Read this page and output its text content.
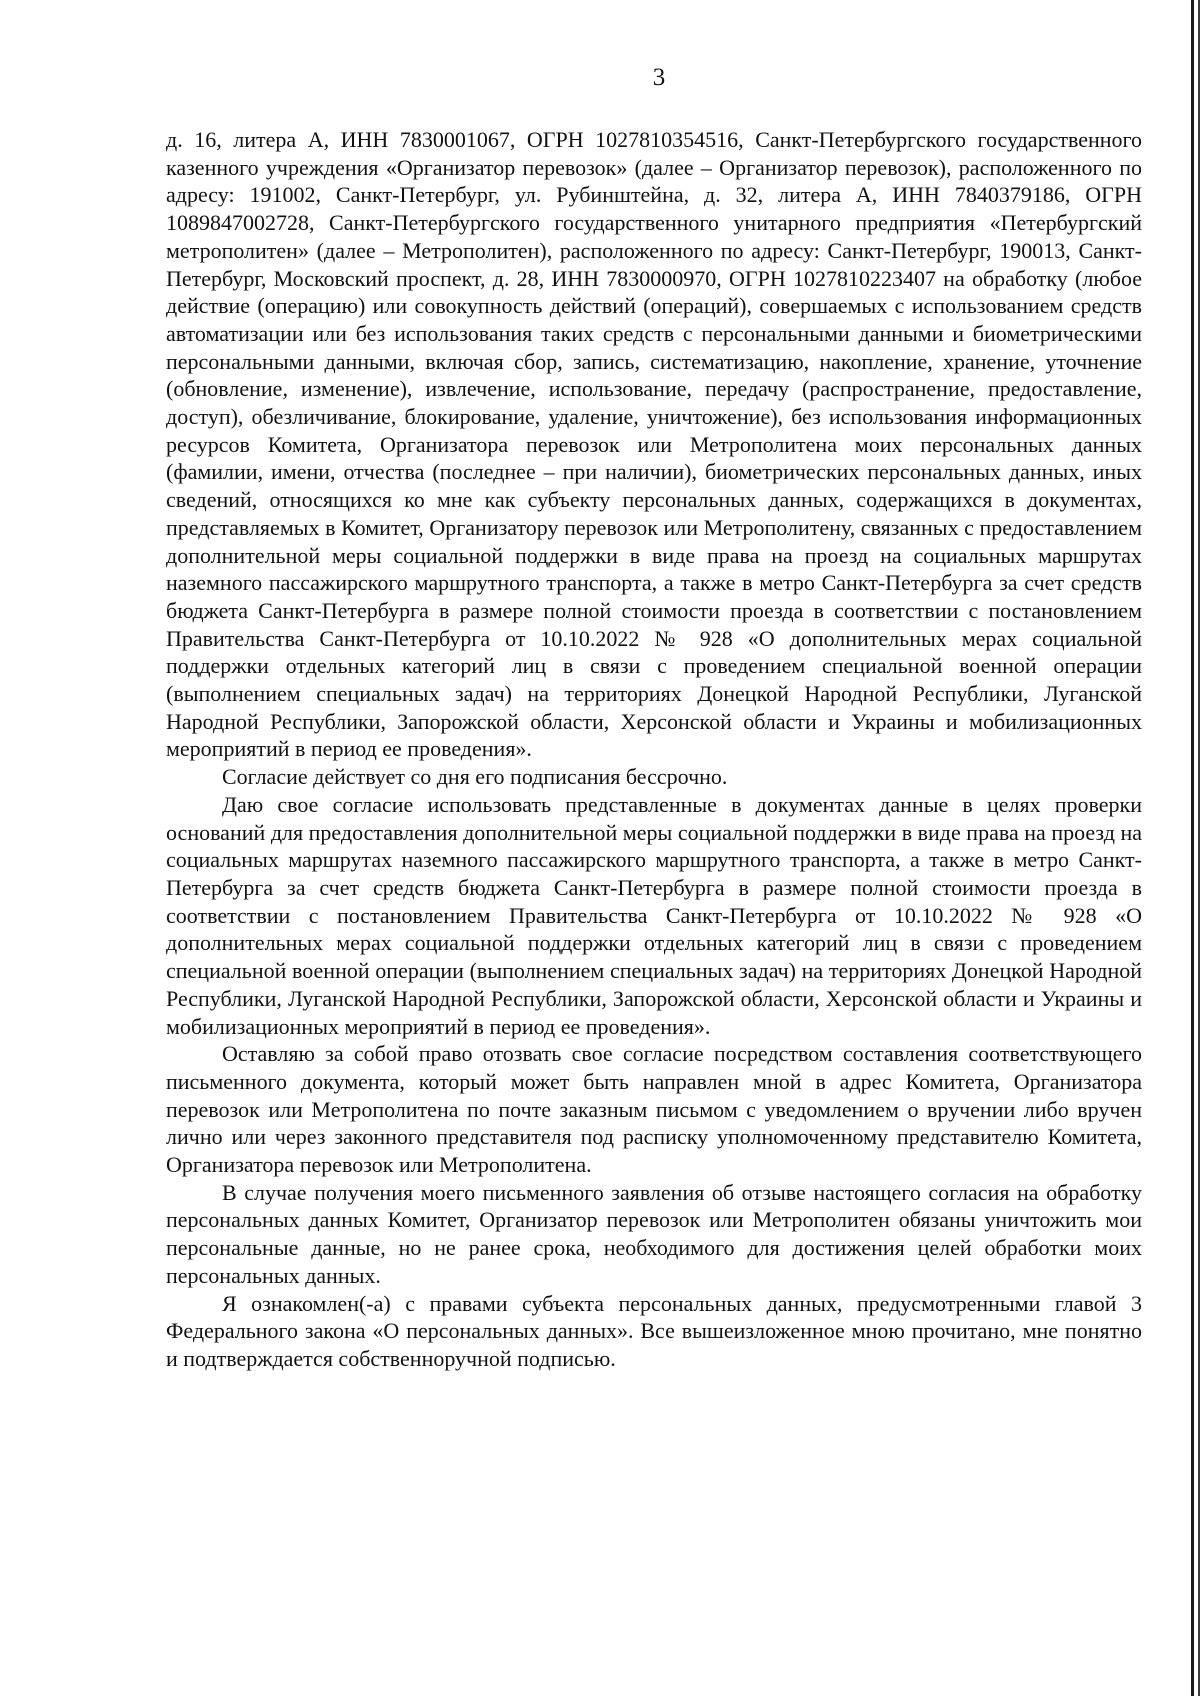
3

д. 16, литера А, ИНН 7830001067, ОГРН 1027810354516, Санкт-Петербургского государственного казенного учреждения «Организатор перевозок» (далее – Организатор перевозок), расположенного по адресу: 191002, Санкт-Петербург, ул. Рубинштейна, д. 32, литера А, ИНН 7840379186, ОГРН 1089847002728, Санкт-Петербургского государственного унитарного предприятия «Петербургский метрополитен» (далее – Метрополитен), расположенного по адресу: Санкт-Петербург, 190013, Санкт-Петербург, Московский проспект, д. 28, ИНН 7830000970, ОГРН 1027810223407 на обработку (любое действие (операцию) или совокупность действий (операций), совершаемых с использованием средств автоматизации или без использования таких средств с персональными данными и биометрическими персональными данными, включая сбор, запись, систематизацию, накопление, хранение, уточнение (обновление, изменение), извлечение, использование, передачу (распространение, предоставление, доступ), обезличивание, блокирование, удаление, уничтожение), без использования информационных ресурсов Комитета, Организатора перевозок или Метрополитена моих персональных данных (фамилии, имени, отчества (последнее – при наличии), биометрических персональных данных, иных сведений, относящихся ко мне как субъекту персональных данных, содержащихся в документах, представляемых в Комитет, Организатору перевозок или Метрополитену, связанных с предоставлением дополнительной меры социальной поддержки в виде права на проезд на социальных маршрутах наземного пассажирского маршрутного транспорта, а также в метро Санкт-Петербурга за счет средств бюджета Санкт-Петербурга в размере полной стоимости проезда в соответствии с постановлением Правительства Санкт-Петербурга от 10.10.2022 № 928 «О дополнительных мерах социальной поддержки отдельных категорий лиц в связи с проведением специальной военной операции (выполнением специальных задач) на территориях Донецкой Народной Республики, Луганской Народной Республики, Запорожской области, Херсонской области и Украины и мобилизационных мероприятий в период ее проведения».

Согласие действует со дня его подписания бессрочно.

Даю свое согласие использовать представленные в документах данные в целях проверки оснований для предоставления дополнительной меры социальной поддержки в виде права на проезд на социальных маршрутах наземного пассажирского маршрутного транспорта, а также в метро Санкт-Петербурга за счет средств бюджета Санкт-Петербурга в размере полной стоимости проезда в соответствии с постановлением Правительства Санкт-Петербурга от 10.10.2022 № 928 «О дополнительных мерах социальной поддержки отдельных категорий лиц в связи с проведением специальной военной операции (выполнением специальных задач) на территориях Донецкой Народной Республики, Луганской Народной Республики, Запорожской области, Херсонской области и Украины и мобилизационных мероприятий в период ее проведения».

Оставляю за собой право отозвать свое согласие посредством составления соответствующего письменного документа, который может быть направлен мной в адрес Комитета, Организатора перевозок или Метрополитена по почте заказным письмом с уведомлением о вручении либо вручен лично или через законного представителя под расписку уполномоченному представителю Комитета, Организатора перевозок или Метрополитена.

В случае получения моего письменного заявления об отзыве настоящего согласия на обработку персональных данных Комитет, Организатор перевозок или Метрополитен обязаны уничтожить мои персональные данные, но не ранее срока, необходимого для достижения целей обработки моих персональных данных.

Я ознакомлен(-а) с правами субъекта персональных данных, предусмотренными главой 3 Федерального закона «О персональных данных». Все вышеизложенное мною прочитано, мне понятно и подтверждается собственноручной подписью.
